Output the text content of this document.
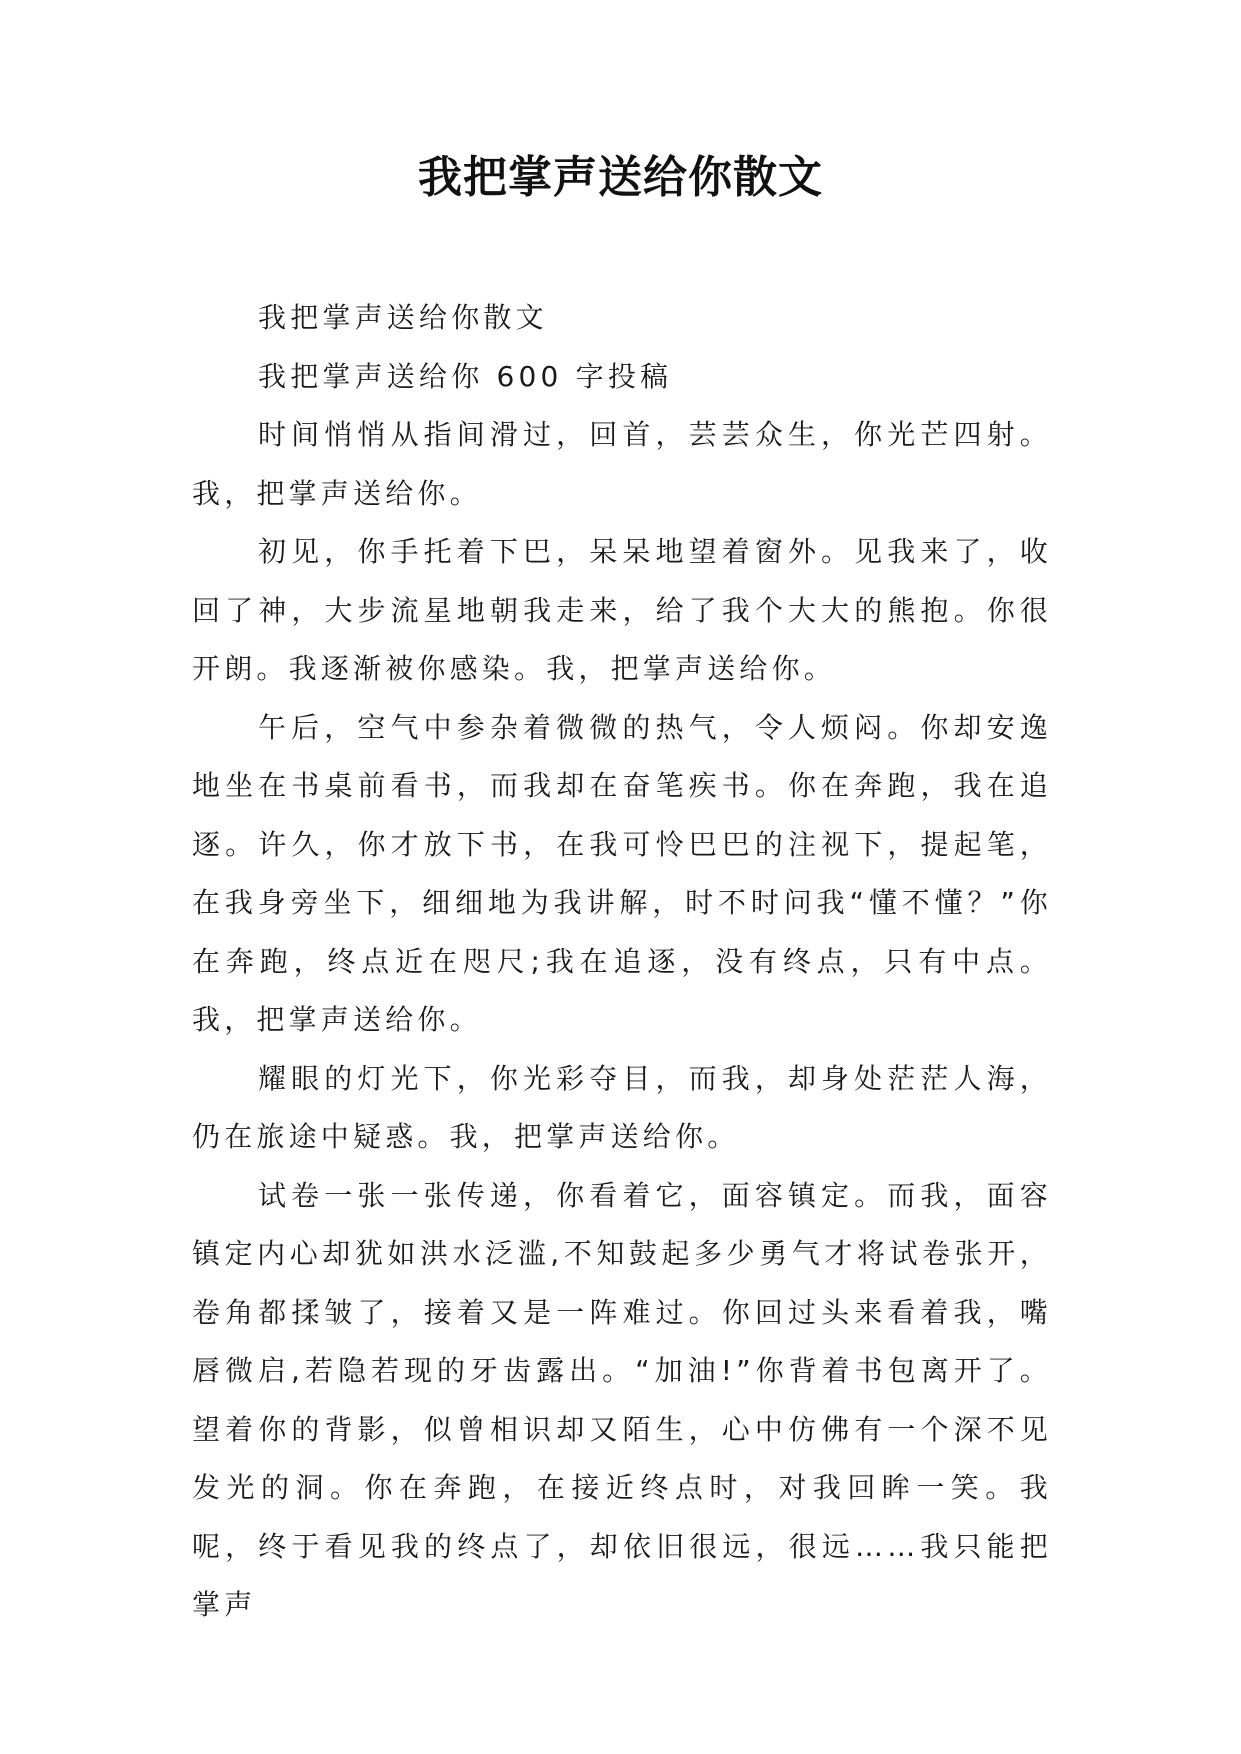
我把掌声送给你散文

我把掌声送给你散文

我把掌声送给你 600 字投稿

时间悄悄从指间滑过，回首，芸芸众生，你光芒四射。我，把掌声送给你。

初见，你手托着下巴，呆呆地望着窗外。见我来了，收回了神，大步流星地朝我走来，给了我个大大的熊抱。你很开朗。我逐渐被你感染。我，把掌声送给你。

午后，空气中参杂着微微的热气，令人烦闷。你却安逸地坐在书桌前看书，而我却在奋笔疾书。你在奔跑，我在追逐。许久，你才放下书，在我可怜巴巴的注视下，提起笔，在我身旁坐下，细细地为我讲解，时不时问我“懂不懂？”你在奔跑，终点近在咫尺;我在追逐，没有终点，只有中点。我，把掌声送给你。

耀眼的灯光下，你光彩夺目，而我，却身处茫茫人海，仍在旅途中疑惑。我，把掌声送给你。

试卷一张一张传递，你看着它，面容镇定。而我，面容镇定内心却犹如洪水泛滥,不知鼓起多少勇气才将试卷张开，卷角都揉皱了，接着又是一阵难过。你回过头来看着我，嘴唇微启,若隐若现的牙齿露出。“加油!”你背着书包离开了。望着你的背影，似曾相识却又陌生，心中仿佛有一个深不见发光的洞。你在奔跑，在接近终点时，对我回眸一笑。我呢，终于看见我的终点了，却依旧很远，很远……我只能把掌声
